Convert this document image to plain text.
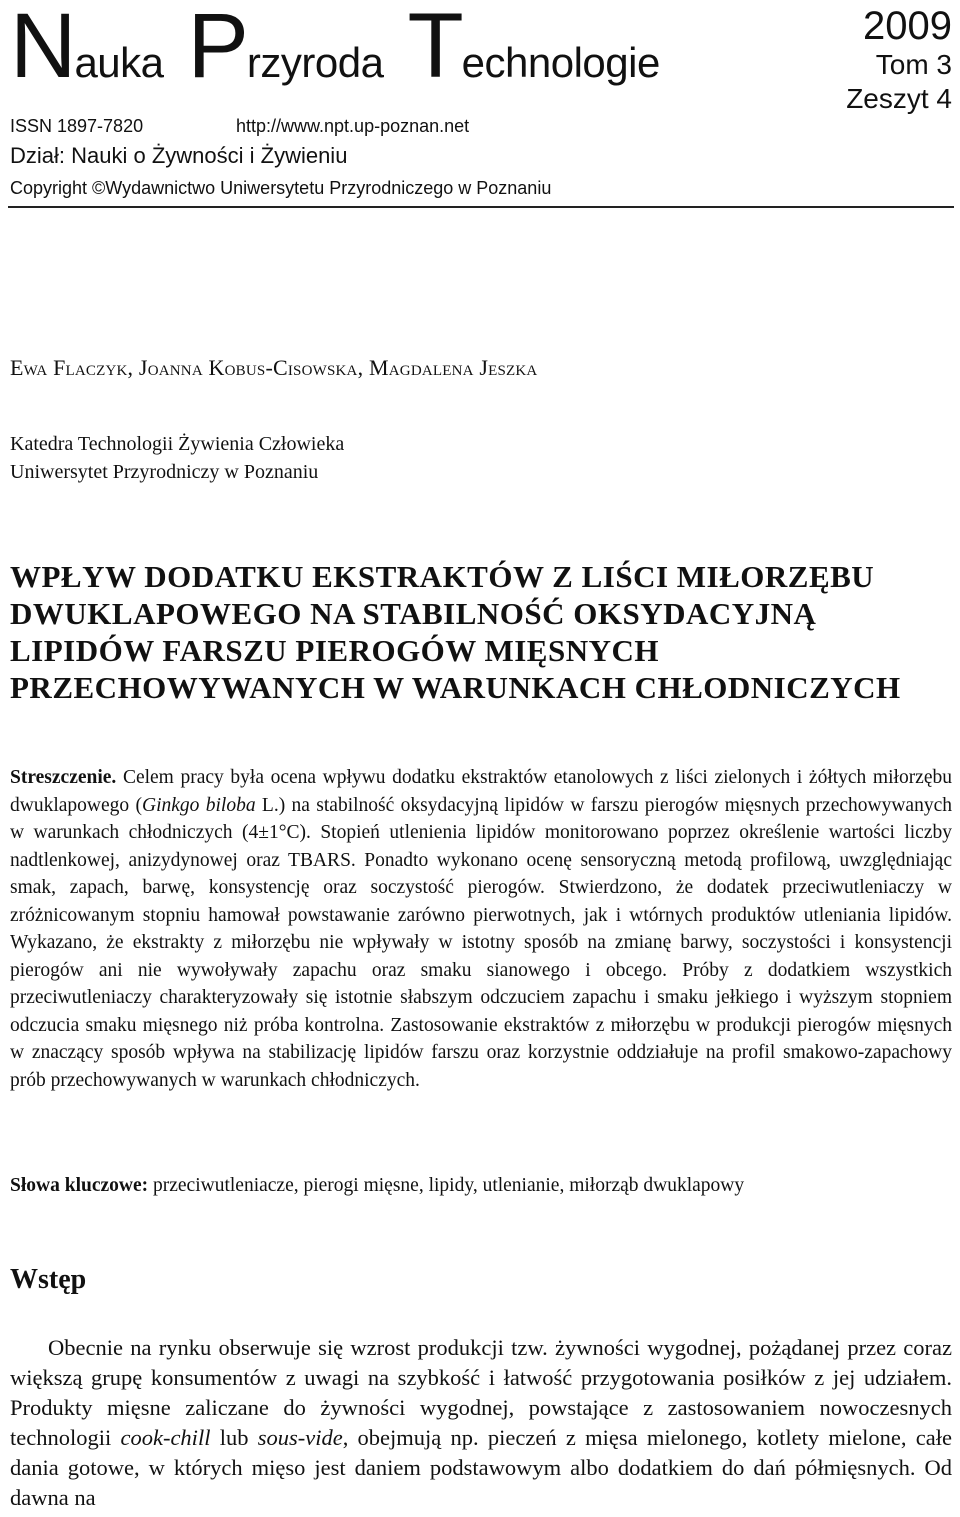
Nauka Przyroda Technologie
2009
Tom 3
Zeszyt 4
ISSN 1897-7820	http://www.npt.up-poznan.net
Dział: Nauki o Żywności i Żywieniu
Copyright ©Wydawnictwo Uniwersytetu Przyrodniczego w Poznaniu
Ewa Flaczyk, Joanna Kobus-Cisowska, Magdalena Jeszka
Katedra Technologii Żywienia Człowieka
Uniwersytet Przyrodniczy w Poznaniu
WPŁYW DODATKU EKSTRAKTÓW Z LIŚCI MIŁORZĘBU DWUKLAPOWEGO NA STABILNOŚĆ OKSYDACYJNĄ LIPIDÓW FARSZU PIEROGÓW MIĘSNYCH PRZECHOWYWANYCH W WARUNKACH CHŁODNICZYCH
Streszczenie. Celem pracy była ocena wpływu dodatku ekstraktów etanolowych z liści zielonych i żółtych miłorzębu dwuklapowego (Ginkgo biloba L.) na stabilność oksydacyjną lipidów w farszu pierogów mięsnych przechowywanych w warunkach chłodniczych (4±1°C). Stopień utlenienia lipidów monitorowano poprzez określenie wartości liczby nadtlenkowej, anizydynowej oraz TBARS. Ponadto wykonano ocenę sensoryczną metodą profilową, uwzględniając smak, zapach, barwę, konsystencję oraz soczystość pierogów. Stwierdzono, że dodatek przeciwutleniaczy w zróżnicowanym stopniu hamował powstawanie zarówno pierwotnych, jak i wtórnych produktów utleniania lipidów. Wykazano, że ekstrakty z miłorzębu nie wpływały w istotny sposób na zmianę barwy, soczystości i konsystencji pierogów ani nie wywoływały zapachu oraz smaku sianowego i obcego. Próby z dodatkiem wszystkich przeciwutleniaczy charakteryzowały się istotnie słabszym odczuciem zapachu i smaku jełkiego i wyższym stopniem odczucia smaku mięsnego niż próba kontrolna. Zastosowanie ekstraktów z miłorzębu w produkcji pierogów mięsnych w znaczący sposób wpływa na stabilizację lipidów farszu oraz korzystnie oddziałuje na profil smakowo-zapachowy prób przechowywanych w warunkach chłodniczych.
Słowa kluczowe: przeciwutleniacze, pierogi mięsne, lipidy, utlenianie, miłorząb dwuklapowy
Wstęp
Obecnie na rynku obserwuje się wzrost produkcji tzw. żywności wygodnej, pożądanej przez coraz większą grupę konsumentów z uwagi na szybkość i łatwość przygotowania posiłków z jej udziałem. Produkty mięsne zaliczane do żywności wygodnej, powstające z zastosowaniem nowoczesnych technologii cook-chill lub sous-vide, obejmują np. pieczeń z mięsa mielonego, kotlety mielone, całe dania gotowe, w których mięso jest daniem podstawowym albo dodatkiem do dań półmięsnych. Od dawna na
